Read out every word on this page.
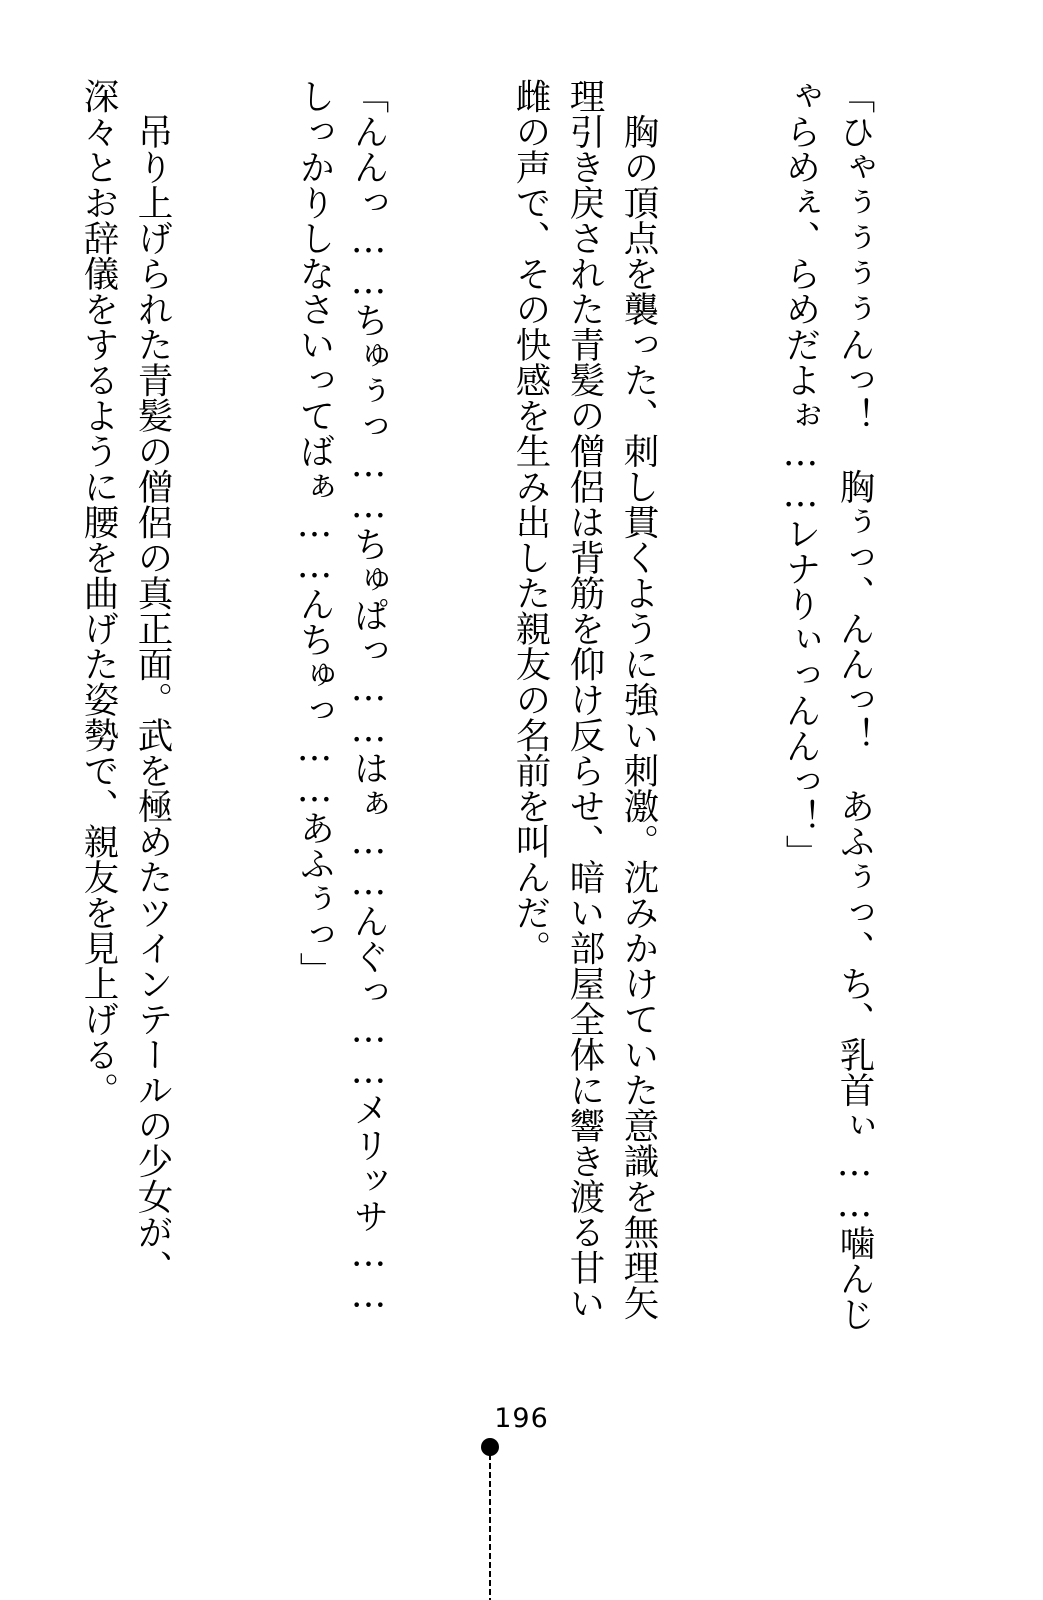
「ひゃぅぅぅぅんっ！　胸ぅっ、んんっ！　あふぅっ、ち、乳首ぃ……噛んじゃらめぇ、らめだよぉ……レナりぃっんんっ！」

　胸の頂点を襲った、刺し貫くように強い刺激。沈みかけていた意識を無理矢理引き戻された青髪の僧侶は背筋を仰け反らせ、暗い部屋全体に響き渡る甘い雌の声で、その快感を生み出した親友の名前を叫んだ。

「んんっ……ちゅぅっ……ちゅぱっ……はぁ……んぐっ……メリッサ……しっかりしなさいってばぁ……んちゅっ……あふぅっ」

　吊り上げられた青髪の僧侶の真正面。武を極めたツインテールの少女が、深々とお辞儀をするように腰を曲げた姿勢で、親友を見上げる。

196
